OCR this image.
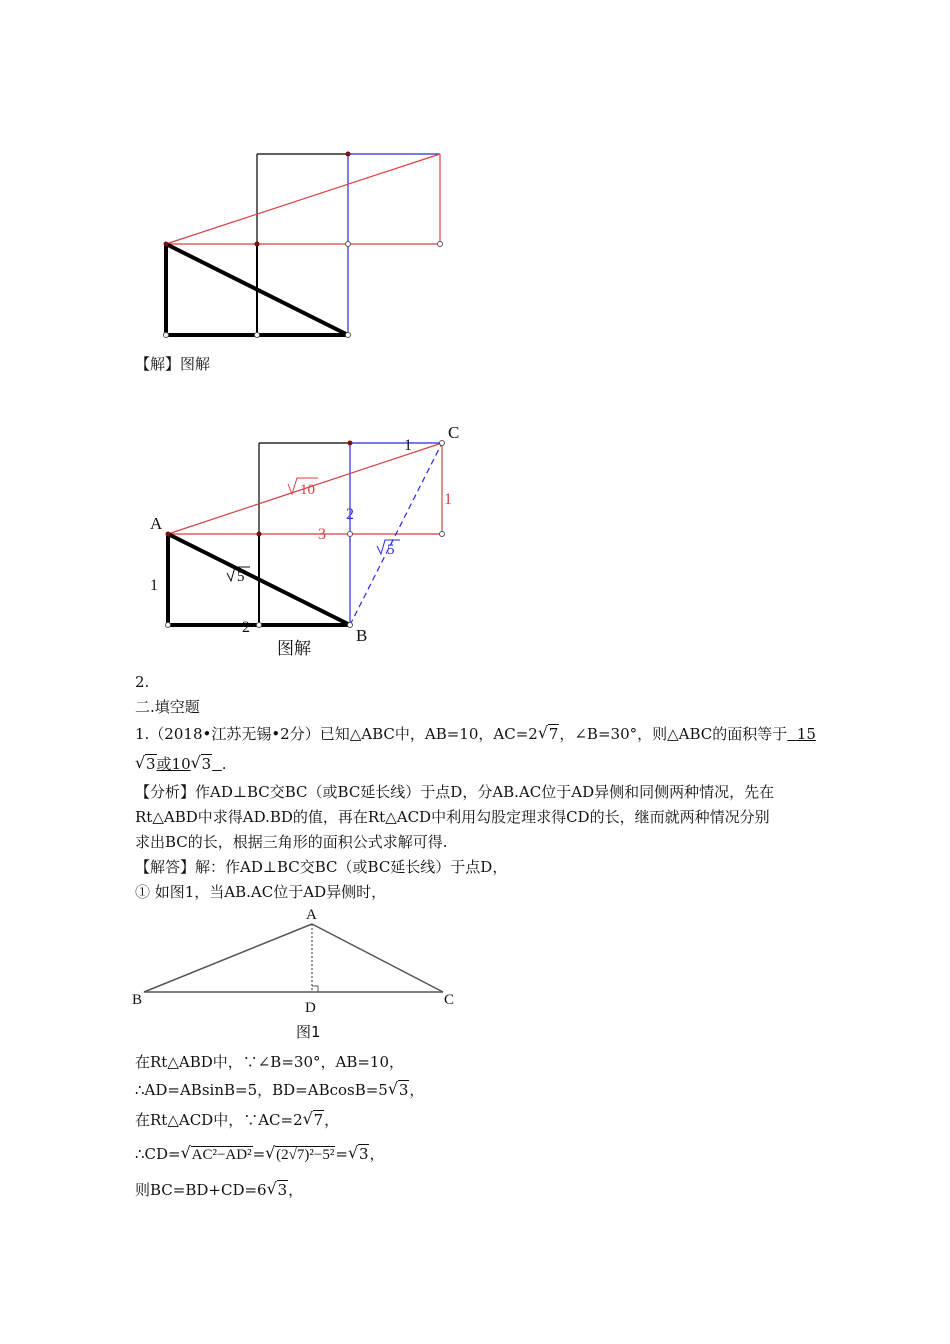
【解】图解
A
B
C
1
1
1
2
2
3
10
5
5
图解
2.
二.填空题
1.（2018•江苏无锡•2分）已知△ABC中，AB=10，AC=2 √ 7，∠B=30°，则△ABC的面积等于 15
√ 3或10 √ 3 .
【分析】作AD⊥BC交BC（或BC延长线）于点D，分AB.AC位于AD异侧和同侧两种情况，先在
Rt△ABD中求得AD.BD的值，再在Rt△ACD中利用勾股定理求得CD的长，继而就两种情况分别
求出BC的长，根据三角形的面积公式求解可得.
【解答】解：作AD⊥BC交BC（或BC延长线）于点D，
① 如图1，当AB.AC位于AD异侧时，
A
B	C
D
图1
在Rt△ABD中，∵∠B=30°，AB=10，
∴AD=ABsinB=5，BD=ABcosB=5 √ 3，
在Rt△ACD中，∵AC=2 √ 7，
∴CD= √ AC²−AD²= √ (2√7)²−5²= √ 3，
则BC=BD+CD=6 √ 3，
